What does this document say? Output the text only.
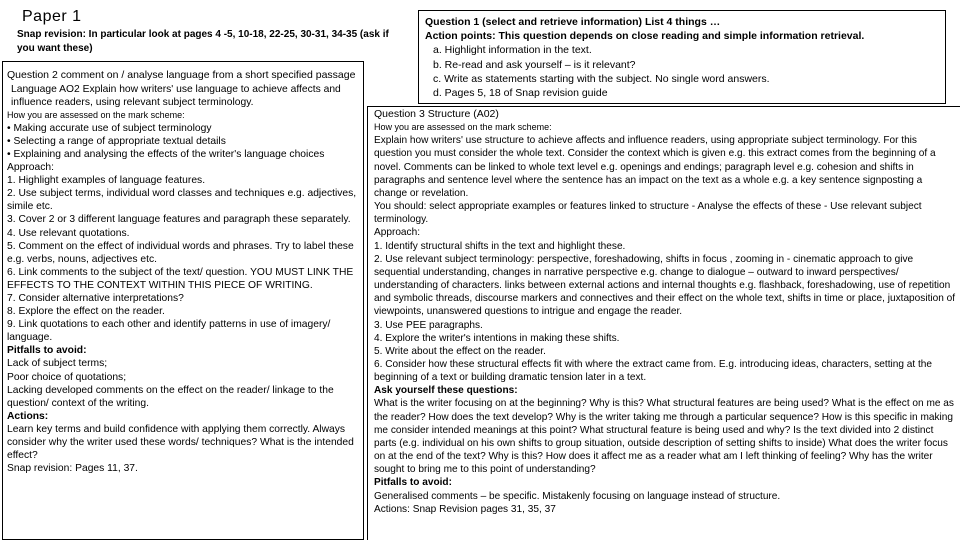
Paper 1
Snap revision: In particular look at pages 4 -5, 10-18, 22-25, 30-31, 34-35 (ask if you want these)
Question 1 (select and retrieve information) List 4 things …
Action points: This question depends on close reading and simple information retrieval.
a. Highlight information in the text.
b. Re-read and ask yourself – is it relevant?
c. Write as statements starting with the subject. No single word answers.
d. Pages 5, 18 of Snap revision guide
Question 2 comment on / analyse language from a short specified passage
Language AO2 Explain how writers' use language to achieve affects and influence readers, using relevant subject terminology.
How you are assessed on the mark scheme:
• Making accurate use of subject terminology
• Selecting a range of appropriate textual details
• Explaining and analysing the effects of the writer's language choices
Approach:
1. Highlight examples of language features.
2. Use subject terms, individual word classes and techniques e.g. adjectives, simile etc.
3. Cover 2 or 3 different language features and paragraph these separately.
4. Use relevant quotations.
5. Comment on the effect of individual words and phrases. Try to label these e.g. verbs, nouns, adjectives etc.
6. Link comments to the subject of the text/ question. YOU MUST LINK THE EFFECTS TO THE CONTEXT WITHIN THIS PIECE OF WRITING.
7. Consider alternative interpretations?
8. Explore the effect on the reader.
9. Link quotations to each other and identify patterns in use of imagery/ language.
Pitfalls to avoid:
Lack of subject terms;
Poor choice of quotations;
Lacking developed comments on the effect on the reader/ linkage to the question/ context of the writing.
Actions:
Learn key terms and build confidence with applying them correctly. Always consider why the writer used these words/ techniques? What is the intended effect?
Snap revision: Pages 11, 37.
Question 3 Structure (A02)
How you are assessed on the mark scheme:
Explain how writers' use structure to achieve affects and influence readers, using appropriate subject terminology. For this question you must consider the whole text. Consider the context which is given e.g. this extract comes from the beginning of a novel. Comments can be linked to whole text level e.g. openings and endings; paragraph level e.g. cohesion and shifts in paragraphs and sentence level where the sentence has an impact on the text as a whole e.g. a key sentence signposting a change or revelation.
You should: select appropriate examples or features linked to structure - Analyse the effects of these - Use relevant subject terminology.
Approach:
1. Identify structural shifts in the text and highlight these.
2. Use relevant subject terminology: perspective, foreshadowing, shifts in focus , zooming in - cinematic approach to give sequential understanding, changes in narrative perspective e.g. change to dialogue – outward to inward perspectives/ understanding of characters. links between external actions and internal thoughts e.g. flashback, foreshadowing, use of repetition and symbolic threads, discourse markers and connectives and their effect on the whole text, shifts in time or place, juxtaposition of viewpoints, unanswered questions to intrigue and engage the reader.
3. Use PEE paragraphs.
4. Explore the writer's intentions in making these shifts.
5. Write about the effect on the reader.
6. Consider how these structural effects fit with where the extract came from. E.g. introducing ideas, characters, setting at the beginning of a text or building dramatic tension later in a text.
Ask yourself these questions:
What is the writer focusing on at the beginning? Why is this? What structural features are being used? What is the effect on me as the reader? How does the text develop? Why is the writer taking me through a particular sequence? How is this specific in making me consider intended meanings at this point? What structural feature is being used and why? Is the text divided into 2 distinct parts (e.g. individual on his own shifts to group situation, outside description of setting shifts to inside) What does the writer focus on at the end of the text? Why is this? How does it affect me as a reader what am I left thinking of feeling? Why has the writer sought to bring me to this point of understanding?
Pitfalls to avoid:
Generalised comments – be specific. Mistakenly focusing on language instead of structure.
Actions: Snap Revision pages 31, 35, 37
